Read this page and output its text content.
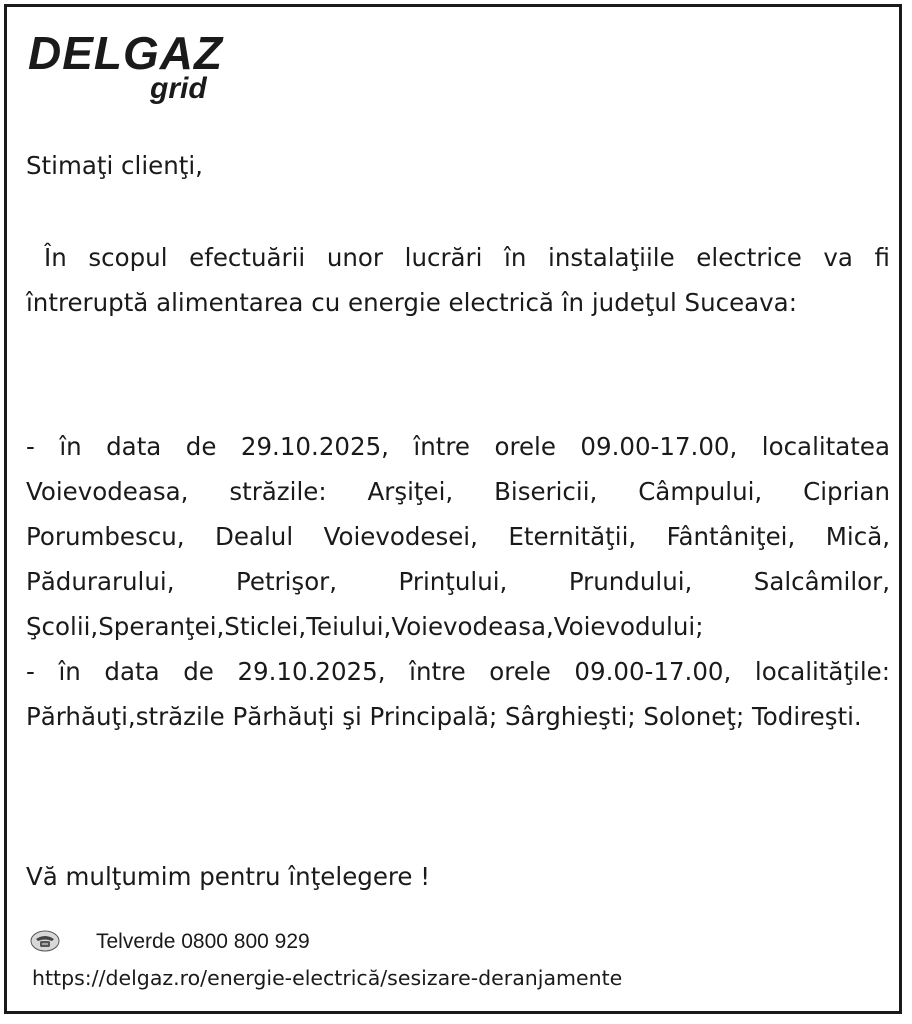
DELGAZ
grid
Stimaţi clienţi,
În scopul efectuării unor lucrări în instalaţiile electrice va fi întreruptă alimentarea cu energie electrică în judeţul Suceava:
- în data de 29.10.2025, între orele 09.00-17.00, localitatea Voievodeasa, străzile: Arşiţei, Bisericii, Câmpului, Ciprian Porumbescu, Dealul Voievodesei, Eternităţii, Fântâniţei, Mică, Pădurarului, Petrişor, Prinţului, Prundului, Salcâmilor, Şcolii,Speranţei,Sticlei,Teiului,Voievodeasa,Voievodului;
- în data de 29.10.2025, între orele 09.00-17.00, localităţile: Părhăuţi,străzile Părhăuţi şi Principală; Sârghieşti; Soloneţ; Todireşti.
Vă mulţumim pentru înţelegere !
Telverde 0800 800 929
https://delgaz.ro/energie-electrică/sesizare-deranjamente
